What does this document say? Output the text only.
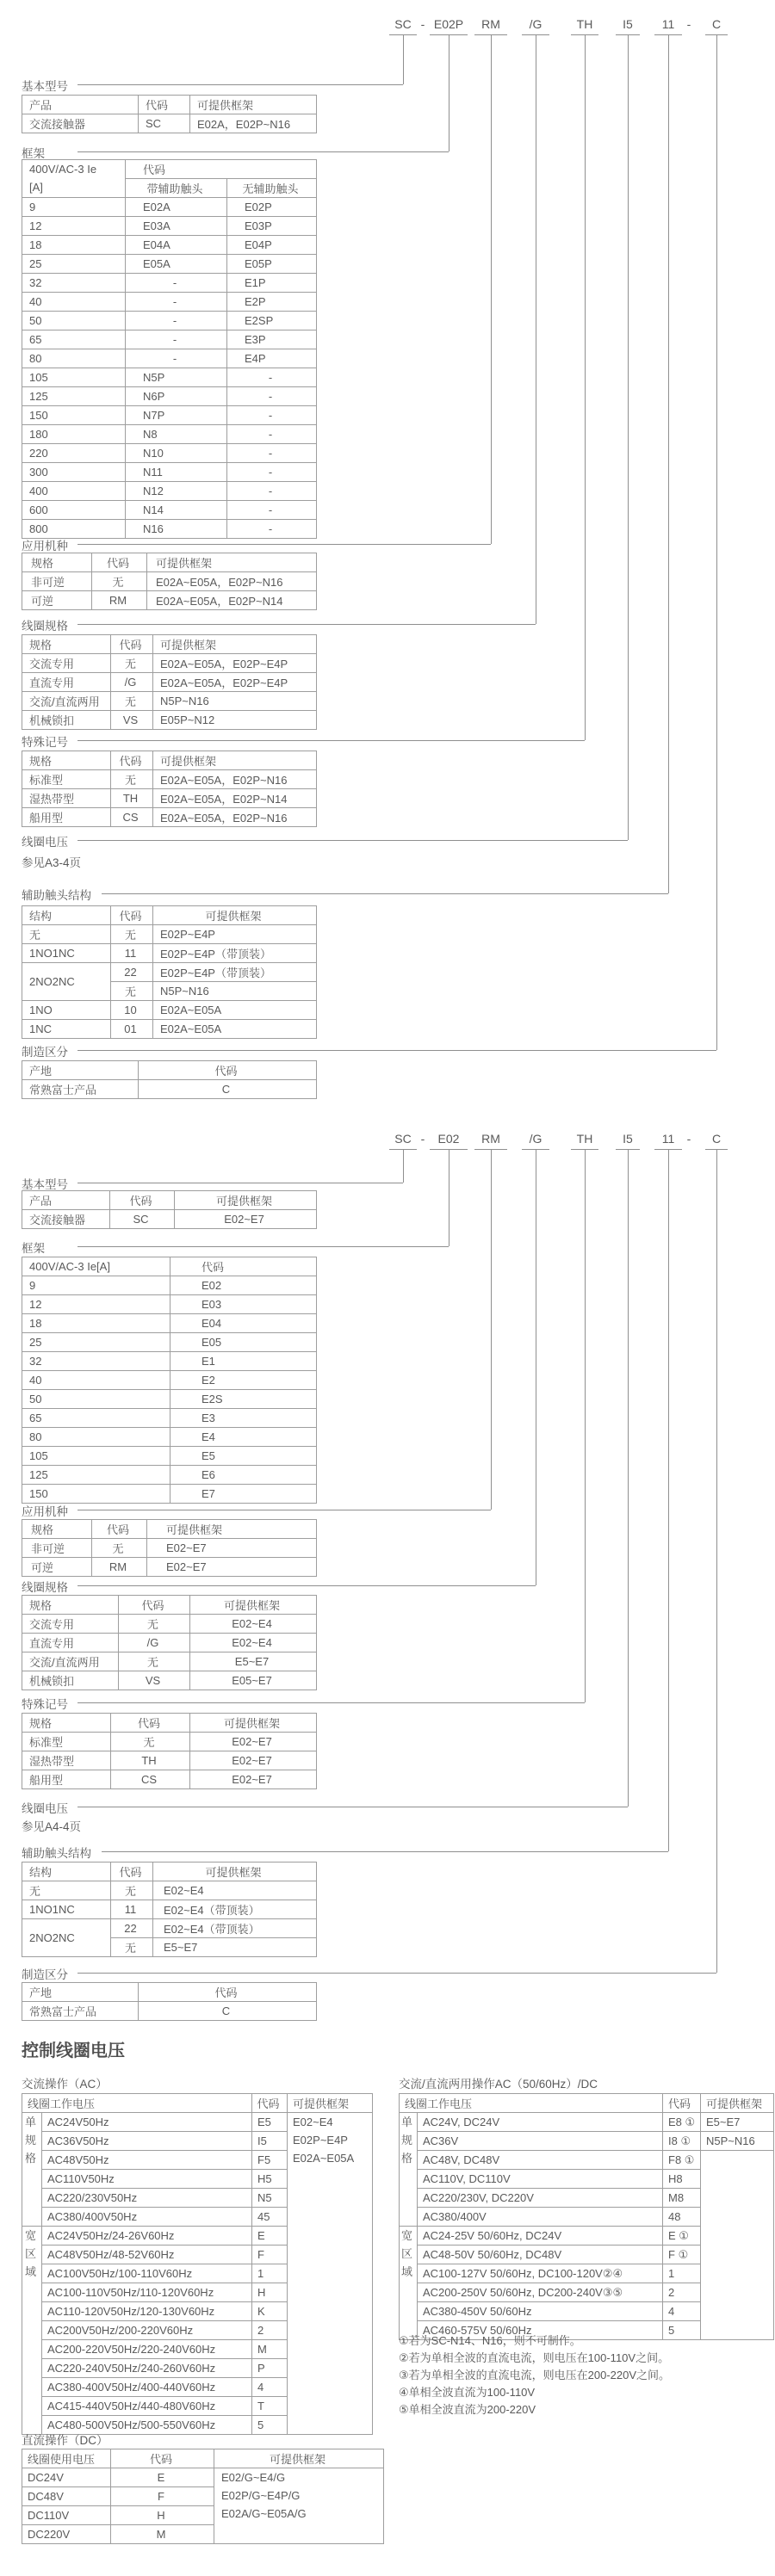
SC - E02P	RM	/G	TH	I5	11	-	C
基本型号
产品	代码	可提供框架
交流接触器	SC	E02A，E02P~N16
框架
400V/AC-3 Ie
[A]	代码	
	带辅助触头	无辅助触头
9	E02A	E02P
12	E03A	E03P
18	E04A	E04P
25	E05A	E05P
32	-	E1P
40	-	E2P
50	-	E2SP
65	-	E3P
80	-	E4P
105	N5P	-
125	N6P	-
150	N7P	-
180	N8	-
220	N10	-
300	N11	-
400	N12	-
600	N14	-
800	N16	-
应用机种
规格	代码	可提供框架
非可逆	无	E02A~E05A，E02P~N16
可逆	RM	E02A~E05A，E02P~N14
线圈规格
规格	代码	可提供框架
交流专用	无	E02A~E05A，E02P~E4P
直流专用	/G	E02A~E05A，E02P~E4P
交流/直流两用	无	N5P~N16
机械锁扣	VS	E05P~N12
特殊记号
规格	代码	可提供框架
标准型	无	E02A~E05A，E02P~N16
湿热带型	TH	E02A~E05A，E02P~N14
船用型	CS	E02A~E05A，E02P~N16
线圈电压
参见A3-4页
辅助触头结构
结构	代码	可提供框架
无	无	E02P~E4P
1NO1NC	11	E02P~E4P（带顶装）
2NO2NC	22	E02P~E4P（带顶装）
	无	N5P~N16
1NO	10	E02A~E05A
1NC	01	E02A~E05A
制造区分
产地	代码
常熟富士产品	C
SC -	E02	RM	/G	TH	I5	11	-	C
基本型号
产品	代码	可提供框架
交流接触器	SC	E02~E7
框架
400V/AC-3 Ie[A]	代码
9	E02
12	E03
18	E04
25	E05
32	E1
40	E2
50	E2S
65	E3
80	E4
105	E5
125	E6
150	E7
应用机种
规格	代码	可提供框架
非可逆	无	E02~E7
可逆	RM	E02~E7
线圈规格
规格	代码	可提供框架
交流专用	无	E02~E4
直流专用	/G	E02~E4
交流/直流两用	无	E5~E7
机械锁扣	VS	E05~E7
特殊记号
规格	代码	可提供框架
标准型	无	E02~E7
湿热带型	TH	E02~E7
船用型	CS	E02~E7
线圈电压
参见A4-4页
辅助触头结构
结构	代码	可提供框架
无	无	E02~E4
1NO1NC	11	E02~E4（带顶装）
2NO2NC	22	E02~E4（带顶装）
	无	E5~E7
制造区分
产地	代码
常熟富士产品	C
控制线圈电压
交流操作（AC）
线圈工作电压		代码	可提供框架
单
规
格	AC24V50Hz	E5	E02~E4
E02P~E4P
E02A~E05A
	AC36V50Hz	I5	
	AC48V50Hz	F5	
	AC110V50Hz	H5	
	AC220/230V50Hz	N5	
	AC380/400V50Hz	45	
宽
区
域	AC24V50Hz/24-26V60Hz	E	
	AC48V50Hz/48-52V60Hz	F	
	AC100V50Hz/100-110V60Hz	1	
	AC100-110V50Hz/110-120V60Hz	H	
	AC110-120V50Hz/120-130V60Hz	K	
	AC200V50Hz/200-220V60Hz	2	
	AC200-220V50Hz/220-240V60Hz	M	
	AC220-240V50Hz/240-260V60Hz	P	
	AC380-400V50Hz/400-440V60Hz	4	
	AC415-440V50Hz/440-480V60Hz	T	
	AC480-500V50Hz/500-550V60Hz	5	
交流/直流两用操作AC（50/60Hz）/DC
线圈工作电压		代码	可提供框架
单
规
格	AC24V, DC24V	E8 ①	E5~E7
	AC36V	I8 ①	N5P~N16
	AC48V, DC48V	F8 ①	
	AC110V, DC110V	H8	
	AC220/230V, DC220V	M8	
	AC380/400V	48	
宽
区
域	AC24-25V 50/60Hz, DC24V	E ①	
	AC48-50V 50/60Hz, DC48V	F ①	
	AC100-127V 50/60Hz, DC100-120V②④	1	
	AC200-250V 50/60Hz, DC200-240V③⑤	2	
	AC380-450V 50/60Hz	4	
	AC460-575V 50/60Hz	5	
①若为SC-N14、N16，则不可制作。
②若为单相全波的直流电流，则电压在100-110V之间。
③若为单相全波的直流电流，则电压在200-220V之间。
④单相全波直流为100-110V
⑤单相全波直流为200-220V
直流操作（DC）
线圈使用电压	代码	可提供框架
DC24V	E	E02/G~E4/G
E02P/G~E4P/G
E02A/G~E05A/G
DC48V	F	
DC110V	H	
DC220V	M	
